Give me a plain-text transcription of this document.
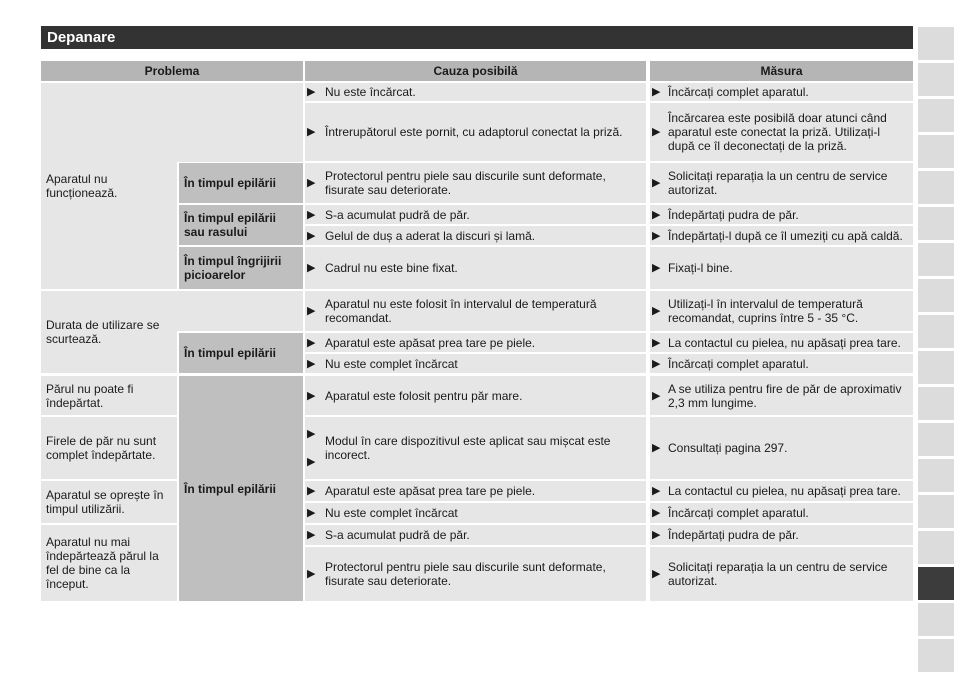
Depanare
Problema	Cauza posibilă	Măsura
Aparatul nu funcționează.
În timpul epilării
În timpul epilării sau rasului
În timpul îngrijirii picioarelor
Durata de utilizare se scurtează.
În timpul epilării
Părul nu poate fi îndepărtat.
Firele de păr nu sunt complet îndepărtate.
Aparatul se oprește în timpul utilizării.
Aparatul nu mai îndepărtează părul la fel de bine ca la început.
În timpul epilării
▶ Nu este încărcat.
▶ Întrerupătorul este pornit, cu adaptorul conectat la priză.
▶ Protectorul pentru piele sau discurile sunt deformate, fisurate sau deteriorate.
▶ S-a acumulat pudră de păr.
▶ Gelul de duș a aderat la discuri și lamă.
▶ Cadrul nu este bine fixat.
▶ Aparatul nu este folosit în intervalul de temperatură recomandat.
▶ Aparatul este apăsat prea tare pe piele.
▶ Nu este complet încărcat
▶ Aparatul este folosit pentru păr mare.
▶
▶
Modul în care dispozitivul este aplicat sau mișcat este incorect.
▶ Aparatul este apăsat prea tare pe piele.
▶ Nu este complet încărcat
▶ S-a acumulat pudră de păr.
▶ Protectorul pentru piele sau discurile sunt deformate, fisurate sau deteriorate.
▶ Încărcați complet aparatul.
▶
Încărcarea este posibilă doar atunci când aparatul este conectat la priză. Utilizați-l după ce îl deconectați de la priză.
▶ Solicitați reparația la un centru de service autorizat.
▶ Îndepărtați pudra de păr.
▶ Îndepărtați-l după ce îl umeziți cu apă caldă.
▶ Fixați-l bine.
▶ Utilizați-l în intervalul de temperatură recomandat, cuprins între 5 - 35 °C.
▶ La contactul cu pielea, nu apăsați prea tare.
▶ Încărcați complet aparatul.
▶ A se utiliza pentru fire de păr de aproximativ 2,3 mm lungime.
▶ Consultați pagina 297.
▶ La contactul cu pielea, nu apăsați prea tare.
▶ Încărcați complet aparatul.
▶ Îndepărtați pudra de păr.
▶ Solicitați reparația la un centru de service autorizat.
